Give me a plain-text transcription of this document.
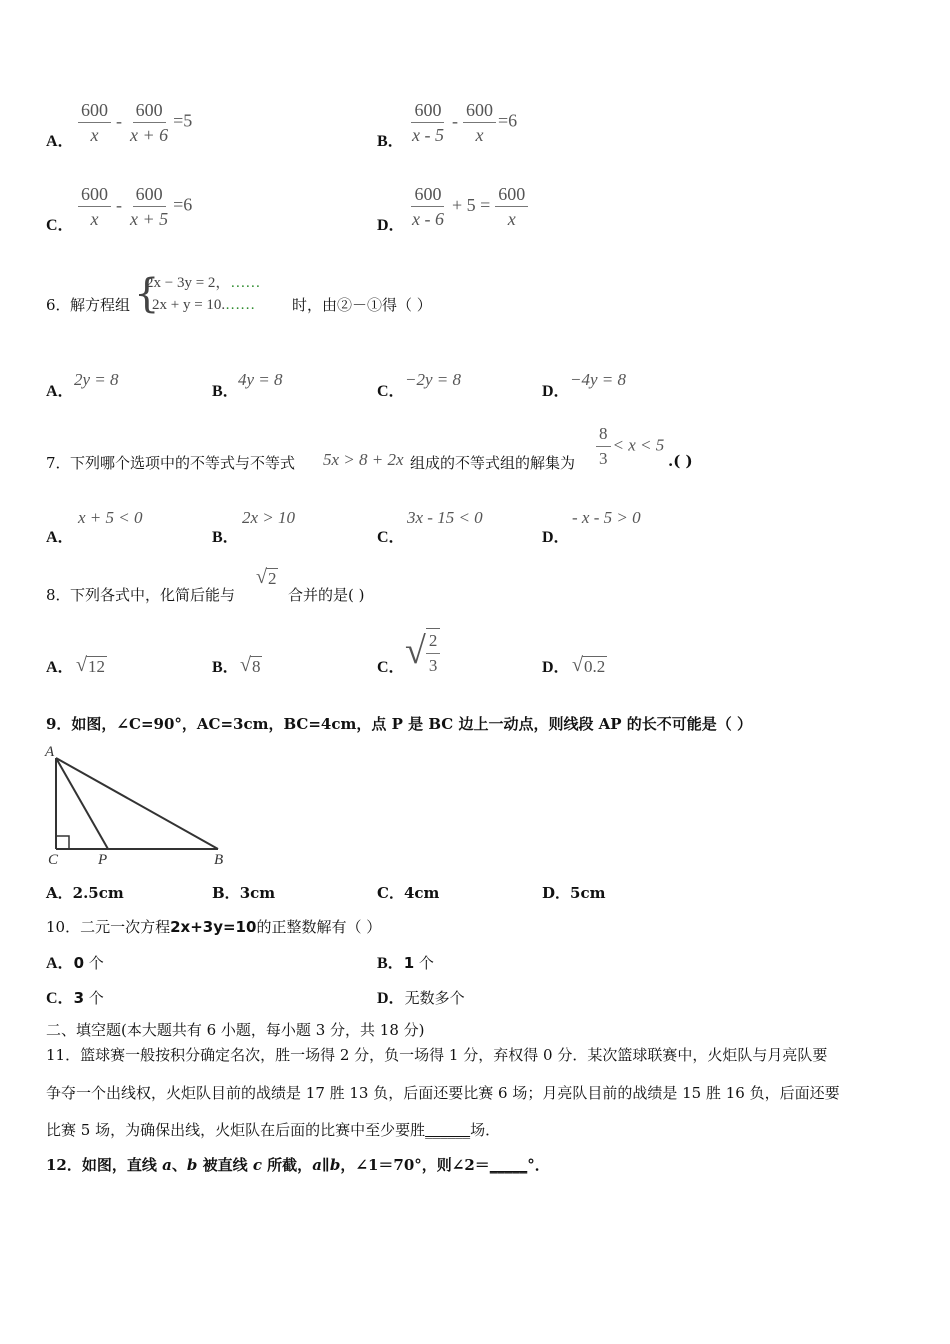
A． $\frac{600}{x} - \frac{600}{x + 6} =5$
B． $\frac{600}{x - 5} - \frac{600}{x} =6$
C． $\frac{600}{x} - \frac{600}{x + 5} =6$
D． $\frac{600}{x - 6} + 5 = \frac{600}{x}$
6． 解方程组 {
2x − 3y = 2，……
2x + y = 10.……	时，由②－①得（ ）
A．
2y = 8
B．
4y = 8
C．
−2y = 8
D．
−4y = 8
7． 下列哪个选项中的不等式与不等式 5x > 8 + 2x 组成的不等式组的解集为 $\frac{8}{3} < x < 5$
.( )
A．
x + 5 < 0
B．
2x > 10
C．
3x - 15 < 0
D．
- x - 5 > 0
8． 下列各式中，化简后能与
√ 2
合并的是( )
A． √ 12	B． √ 8	C． √ $\frac{2}{3}$	D． √ 0.2
9．如图，∠C=90°，AC=3cm，BC=4cm，点 P 是 BC 边上一动点，则线段 AP 的长不可能是（ ）
A
C	P	B
A．2.5cm	B．3cm	C．4cm	D．5cm
10．二元一次方程2x+3y=10的正整数解有（ ）
A．0 个	B．1 个
C．3 个	D．无数多个
二、填空题(本大题共有 6 小题，每小题 3 分，共 18 分)
11．篮球赛一般按积分确定名次，胜一场得 2 分，负一场得 1 分，弃权得 0 分．某次篮球联赛中，火炬队与月亮队要
争夺一个出线权，火炬队目前的战绩是 17 胜 13 负，后面还要比赛 6 场；月亮队目前的战绩是 15 胜 16 负，后面还要
比赛 5 场，为确保出线，火炬队在后面的比赛中至少要胜______场．
12．如图，直线 a、b 被直线 c 所截，a∥b，∠1＝70°，则∠2＝_____°．
